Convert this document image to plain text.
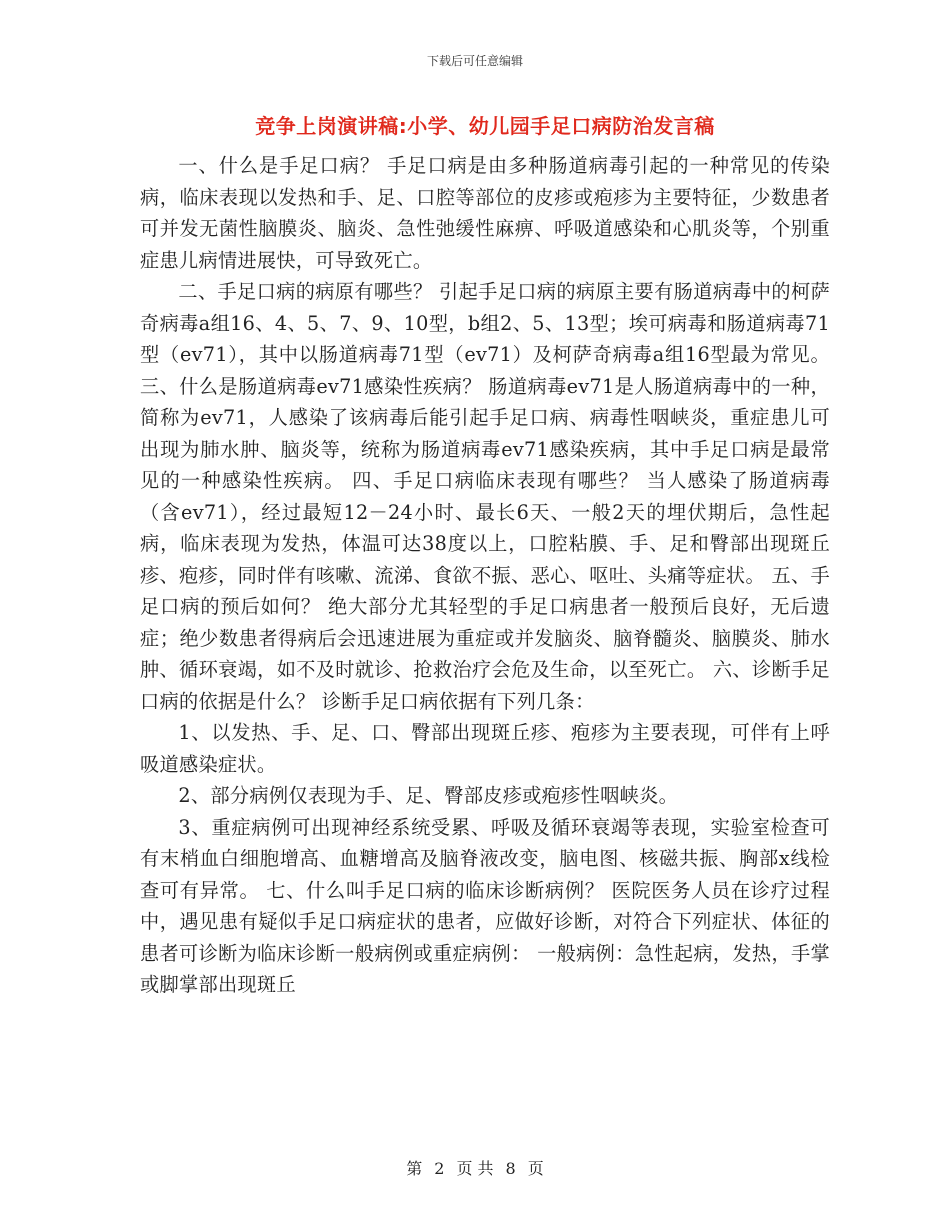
下载后可任意编辑
竞争上岗演讲稿:小学、幼儿园手足口病防治发言稿

一、什么是手足口病？ 手足口病是由多种肠道病毒引起的一种常见的传染病，临床表现以发热和手、足、口腔等部位的皮疹或疱疹为主要特征，少数患者可并发无菌性脑膜炎、脑炎、急性弛缓性麻痹、呼吸道感染和心肌炎等，个别重症患儿病情进展快，可导致死亡。

二、手足口病的病原有哪些？ 引起手足口病的病原主要有肠道病毒中的柯萨奇病毒a组16、4、5、7、9、10型，b组2、5、13型；埃可病毒和肠道病毒71型（ev71），其中以肠道病毒71型（ev71）及柯萨奇病毒a组16型最为常见。 三、什么是肠道病毒ev71感染性疾病？ 肠道病毒ev71是人肠道病毒中的一种，简称为ev71，人感染了该病毒后能引起手足口病、病毒性咽峡炎，重症患儿可出现为肺水肿、脑炎等，统称为肠道病毒ev71感染疾病，其中手足口病是最常见的一种感染性疾病。 四、手足口病临床表现有哪些？ 当人感染了肠道病毒（含ev71），经过最短12－24小时、最长6天、一般2天的埋伏期后，急性起病，临床表现为发热，体温可达38度以上，口腔粘膜、手、足和臀部出现斑丘疹、疱疹，同时伴有咳嗽、流涕、食欲不振、恶心、呕吐、头痛等症状。 五、手足口病的预后如何？ 绝大部分尤其轻型的手足口病患者一般预后良好，无后遗症；绝少数患者得病后会迅速进展为重症或并发脑炎、脑脊髓炎、脑膜炎、肺水肿、循环衰竭，如不及时就诊、抢救治疗会危及生命，以至死亡。 六、诊断手足口病的依据是什么？ 诊断手足口病依据有下列几条：

1、以发热、手、足、口、臀部出现斑丘疹、疱疹为主要表现，可伴有上呼吸道感染症状。

2、部分病例仅表现为手、足、臀部皮疹或疱疹性咽峡炎。

3、重症病例可出现神经系统受累、呼吸及循环衰竭等表现，实验室检查可有末梢血白细胞增高、血糖增高及脑脊液改变，脑电图、核磁共振、胸部x线检查可有异常。 七、什么叫手足口病的临床诊断病例？ 医院医务人员在诊疗过程中，遇见患有疑似手足口病症状的患者，应做好诊断，对符合下列症状、体征的患者可诊断为临床诊断一般病例或重症病例： 一般病例：急性起病，发热，手掌或脚掌部出现斑丘

第 2 页 共 8 页
